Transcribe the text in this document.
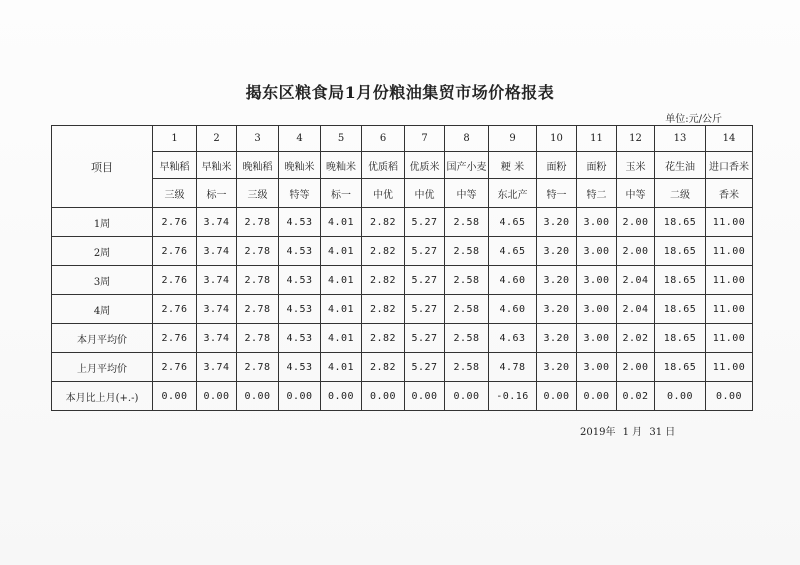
揭东区粮食局1月份粮油集贸市场价格报表
单位:元/公斤
项目	1	2	3	4	5	6	7	8	9	10	11	12	13	14
	早籼稻	早籼米	晚籼稻	晚籼米	晚籼米	优质稻	优质米	国产小麦	粳 米	面粉	面粉	玉米	花生油	进口香米
	三级	标一	三级	特等	标一	中优	中优	中等	东北产	特一	特二	中等	二级	香米
1周	2.76	3.74	2.78	4.53	4.01	2.82	5.27	2.58	4.65	3.20	3.00	2.00	18.65	11.00
2周	2.76	3.74	2.78	4.53	4.01	2.82	5.27	2.58	4.65	3.20	3.00	2.00	18.65	11.00
3周	2.76	3.74	2.78	4.53	4.01	2.82	5.27	2.58	4.60	3.20	3.00	2.04	18.65	11.00
4周	2.76	3.74	2.78	4.53	4.01	2.82	5.27	2.58	4.60	3.20	3.00	2.04	18.65	11.00
本月平均价	2.76	3.74	2.78	4.53	4.01	2.82	5.27	2.58	4.63	3.20	3.00	2.02	18.65	11.00
上月平均价	2.76	3.74	2.78	4.53	4.01	2.82	5.27	2.58	4.78	3.20	3.00	2.00	18.65	11.00
本月比上月(+.-)	0.00	0.00	0.00	0.00	0.00	0.00	0.00	0.00	-0.16	0.00	0.00	0.02	0.00	0.00
2019年 1 月 31 日
